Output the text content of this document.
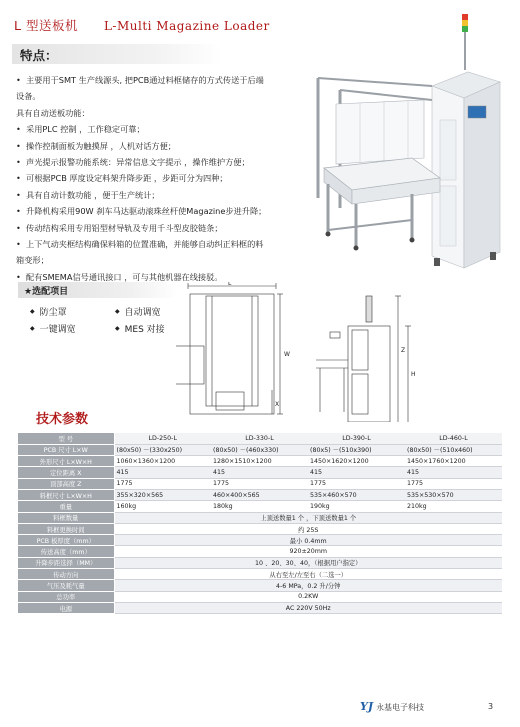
L 型送板机 L-Multi Magazine Loader
特点：
• 主要用于SMT 生产线源头, 把PCB通过料框储存的方式传送于后端
设备。
具有自动送板功能：
• 采用PLC 控制 ，工作稳定可靠；
• 操作控制面板为触摸屏 ，人机对话方便；
• 声光提示报警功能系统：异常信息文字提示 ，操作维护方便；
• 可根据PCB 厚度设定料架升降步距 ，步距可分为四种；
• 具有自动计数功能 ，便于生产统计；
• 升降机构采用90W 刹车马达驱动滚珠丝杆使Magazine步进升降；
• 传动结构采用专用铝型材导轨及专用千斗型皮胶链条；
• 上下气动夹框结构确保料箱的位置准确，并能够自动纠正料框的料
箱变形；
• 配有SMEMA信号通讯接口 ，可与其他机器在线接驳。
★选配项目
◆ 防尘罩	◆ 自动调宽
◆ 一键调宽	◆ MES 对接
L
W
X
Z
H
技术参数
型 号	LD-250-L	LD-330-L	LD-390-L	LD-460-L
PCB 尺寸 L×W	(80x50) －(330x250)	(80x50) －(460x330)	(80x5) －(510x390)	(80x50) －(510x460)
外形尺寸 L×W×H	1060×1360×1200	1280×1510×1200	1450×1620×1200	1450×1760×1200
定位距离 X	415	415	415	415
顶部高度 Z	1775	1775	1775	1775
料框尺寸 L×W×H	355×320×565	460×400×565	535×460×570	535×530×570
重量	160kg	180kg	190kg	210kg
料框数量	上顶送数量1 个 ，下顶送数量1 个			
料框更换时间	约 25S			
PCB 板厚度（mm）	最小 0.4mm			
传送高度（mm）	920±20mm			
升降步距选择（MM）	10 、20、30、40，（根据用户指定）			
传动方向	从右至左/左至右（二选一）			
气压及耗气量	4-6 MPa，0.2 升/分钟			
总功率	0.2KW			
电源	AC 220V 50Hz			
YJ 永基电子科技	3
